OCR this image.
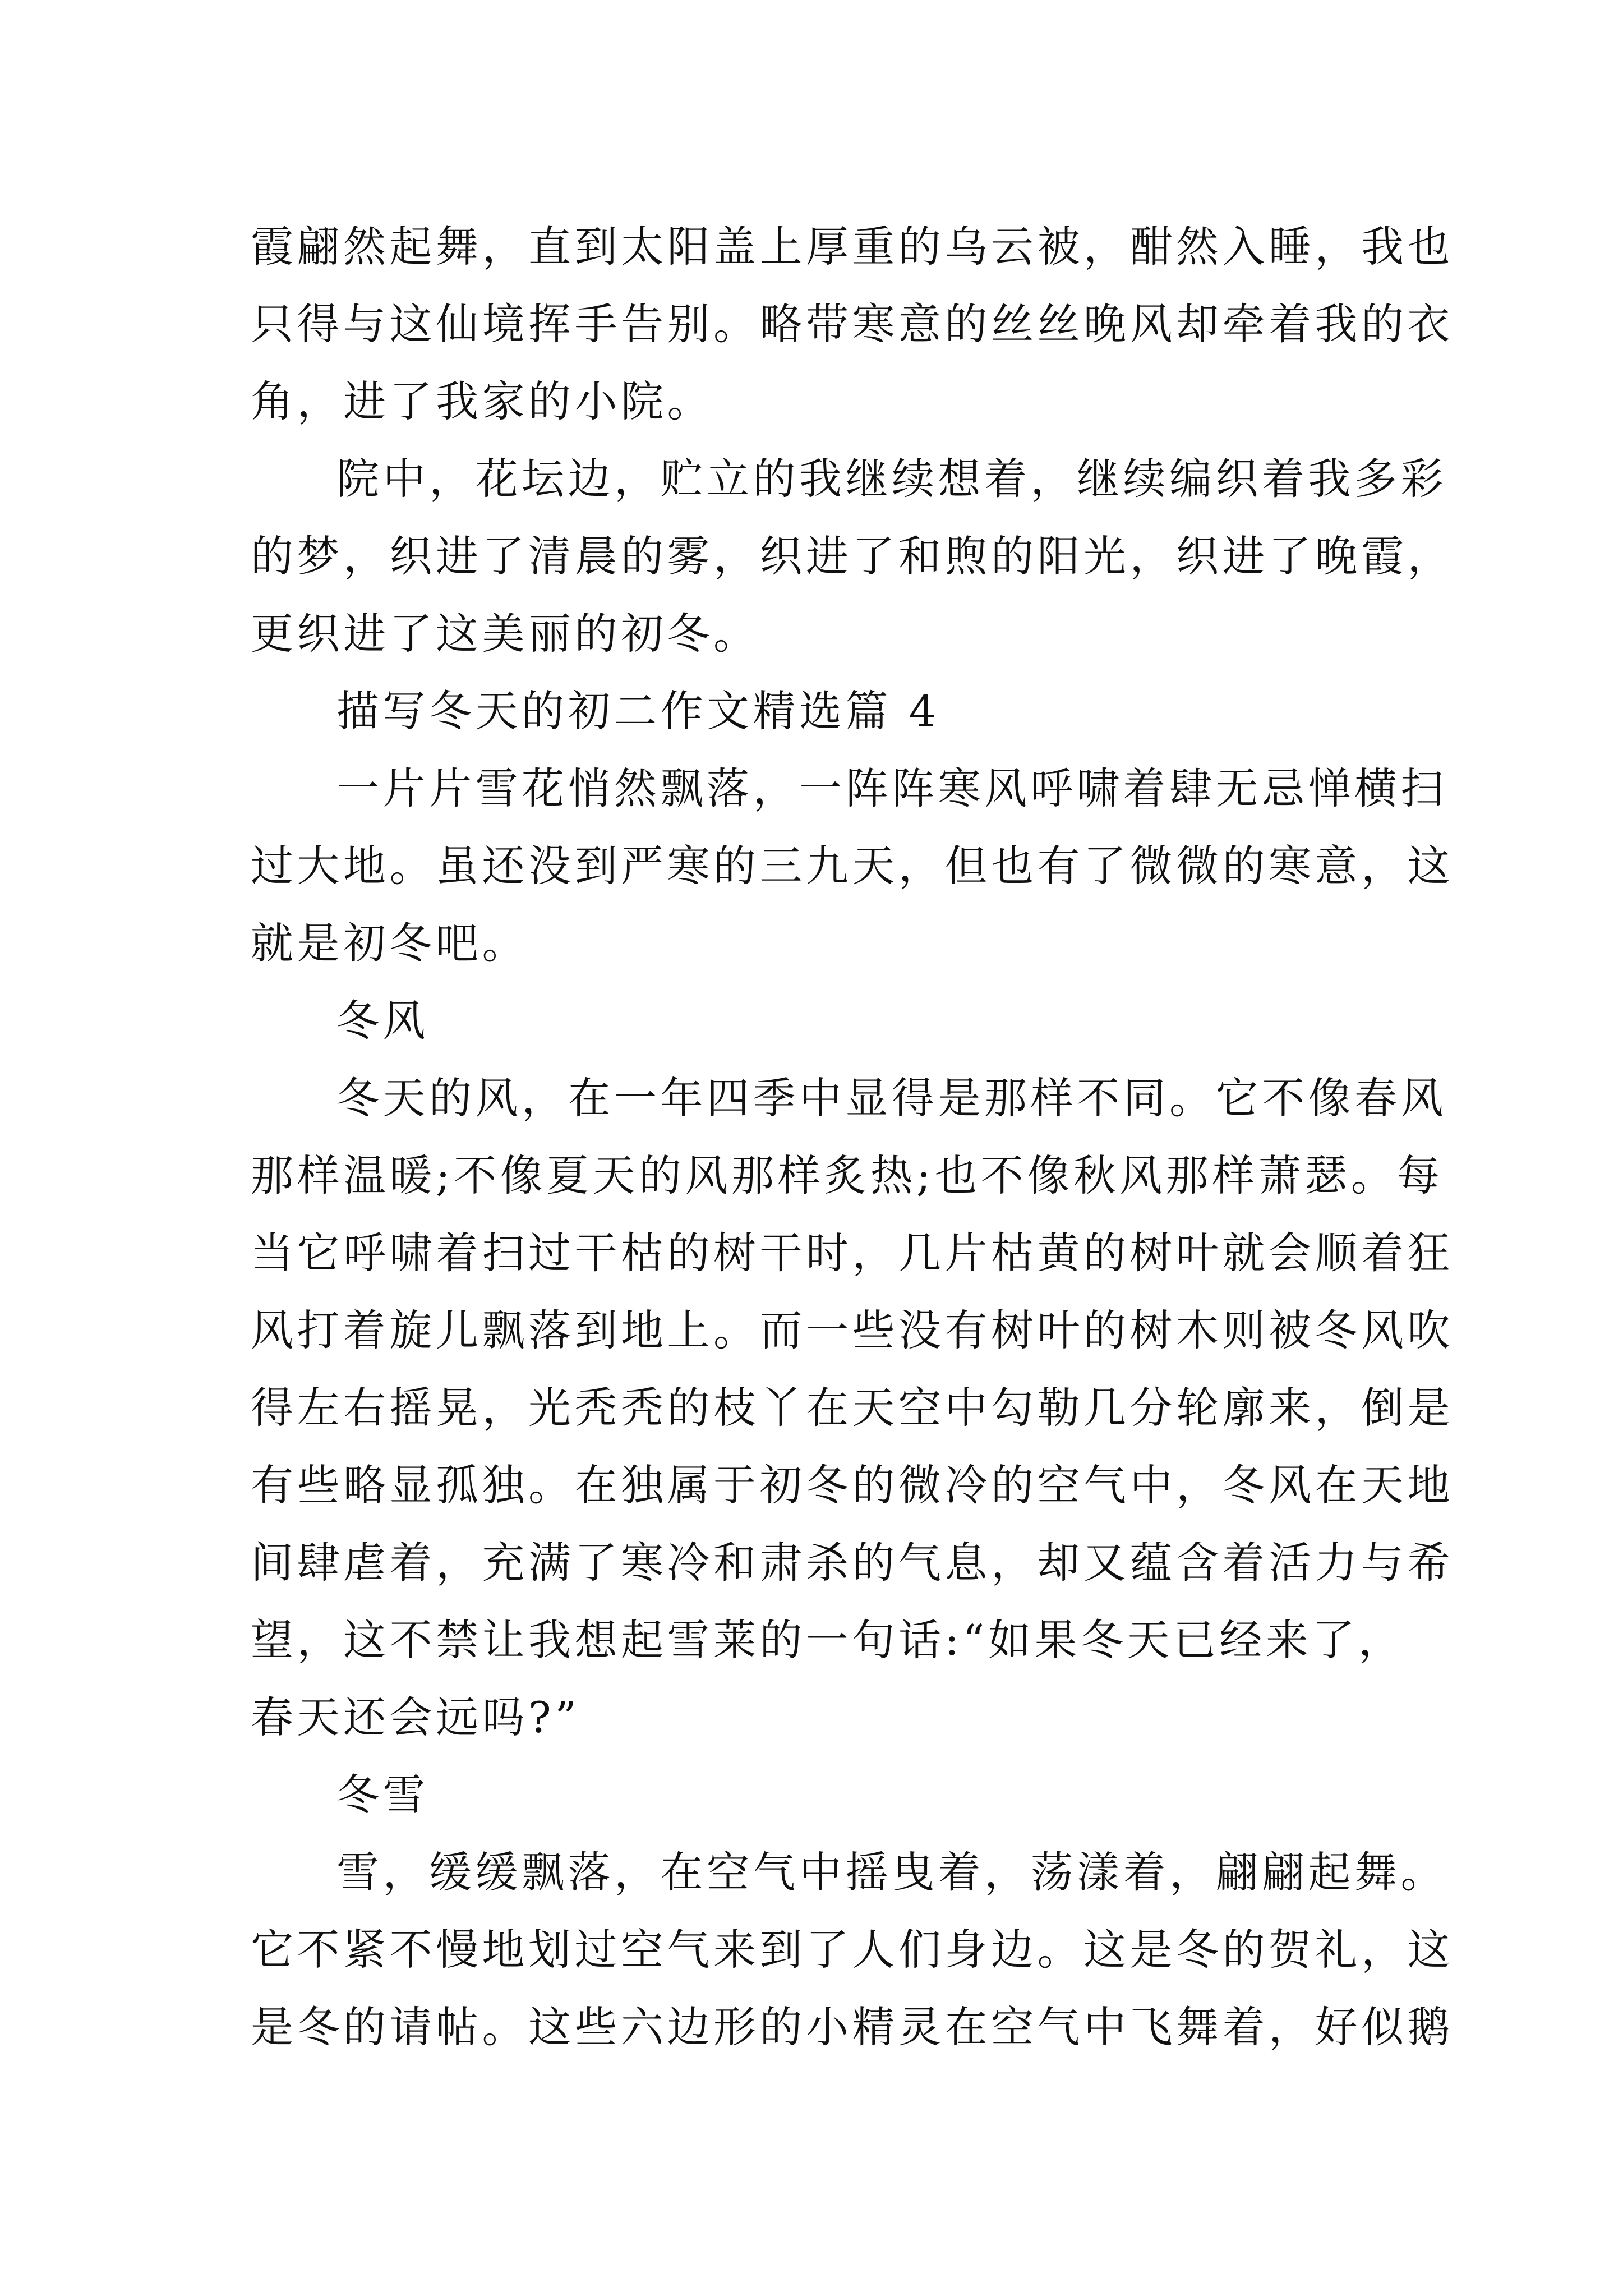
霞翩然起舞，直到太阳盖上厚重的乌云被，酣然入睡，我也
只得与这仙境挥手告别。略带寒意的丝丝晚风却牵着我的衣
角，进了我家的小院。
院中，花坛边，贮立的我继续想着，继续编织着我多彩
的梦，织进了清晨的雾，织进了和煦的阳光，织进了晚霞，
更织进了这美丽的初冬。
描写冬天的初二作文精选篇 4
一片片雪花悄然飘落，一阵阵寒风呼啸着肆无忌惮横扫
过大地。虽还没到严寒的三九天，但也有了微微的寒意，这
就是初冬吧。
冬风
冬天的风，在一年四季中显得是那样不同。它不像春风
那样温暖;不像夏天的风那样炙热;也不像秋风那样萧瑟。每
当它呼啸着扫过干枯的树干时，几片枯黄的树叶就会顺着狂
风打着旋儿飘落到地上。而一些没有树叶的树木则被冬风吹
得左右摇晃，光秃秃的枝丫在天空中勾勒几分轮廓来，倒是
有些略显孤独。在独属于初冬的微冷的空气中，冬风在天地
间肆虐着，充满了寒冷和肃杀的气息，却又蕴含着活力与希
望，这不禁让我想起雪莱的一句话:“如果冬天已经来了，
春天还会远吗?”
冬雪
雪，缓缓飘落，在空气中摇曳着，荡漾着，翩翩起舞。
它不紧不慢地划过空气来到了人们身边。这是冬的贺礼，这
是冬的请帖。这些六边形的小精灵在空气中飞舞着，好似鹅
